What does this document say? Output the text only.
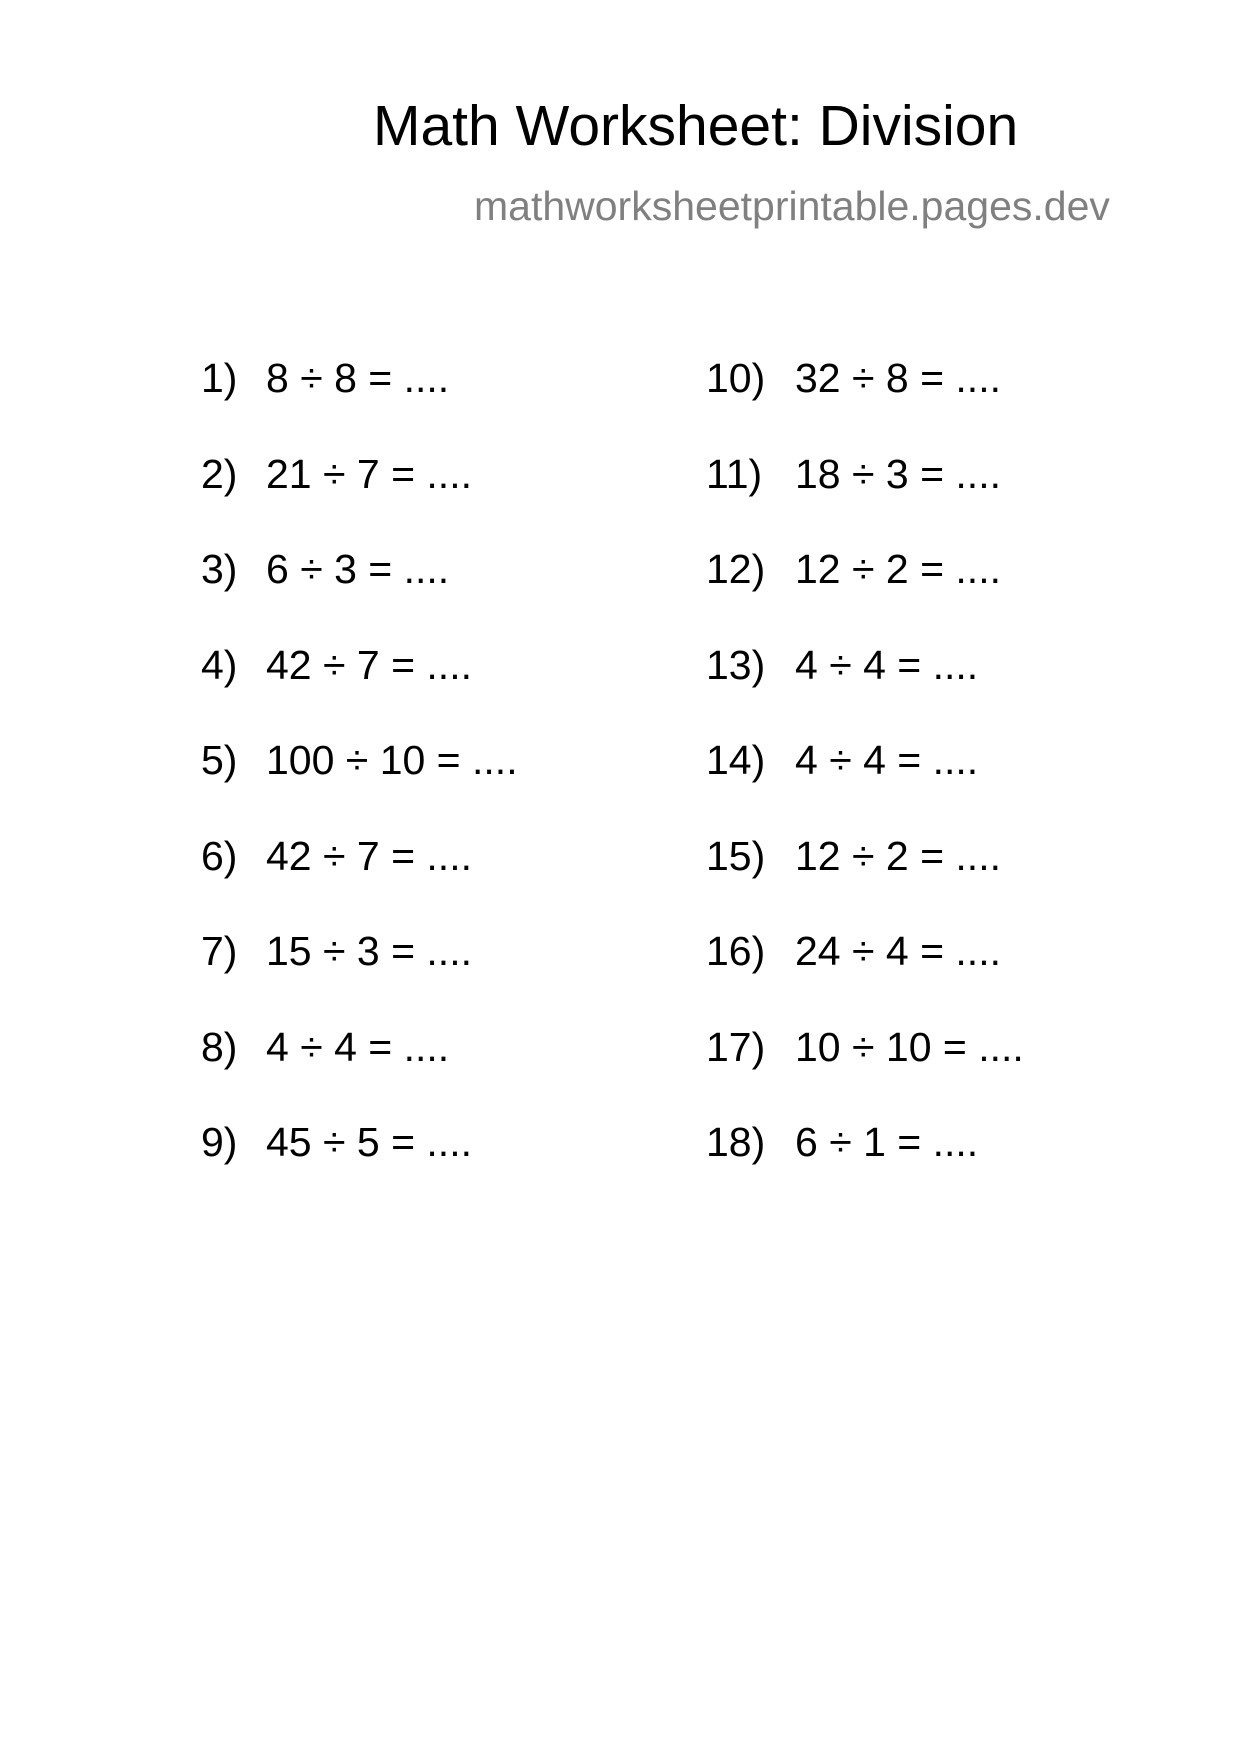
Math Worksheet: Division
mathworksheetprintable.pages.dev
1) 8 ÷ 8 = ....
2) 21 ÷ 7 = ....
3) 6 ÷ 3 = ....
4) 42 ÷ 7 = ....
5) 100 ÷ 10 = ....
6) 42 ÷ 7 = ....
7) 15 ÷ 3 = ....
8) 4 ÷ 4 = ....
9) 45 ÷ 5 = ....
10) 32 ÷ 8 = ....
11) 18 ÷ 3 = ....
12) 12 ÷ 2 = ....
13) 4 ÷ 4 = ....
14) 4 ÷ 4 = ....
15) 12 ÷ 2 = ....
16) 24 ÷ 4 = ....
17) 10 ÷ 10 = ....
18) 6 ÷ 1 = ....
